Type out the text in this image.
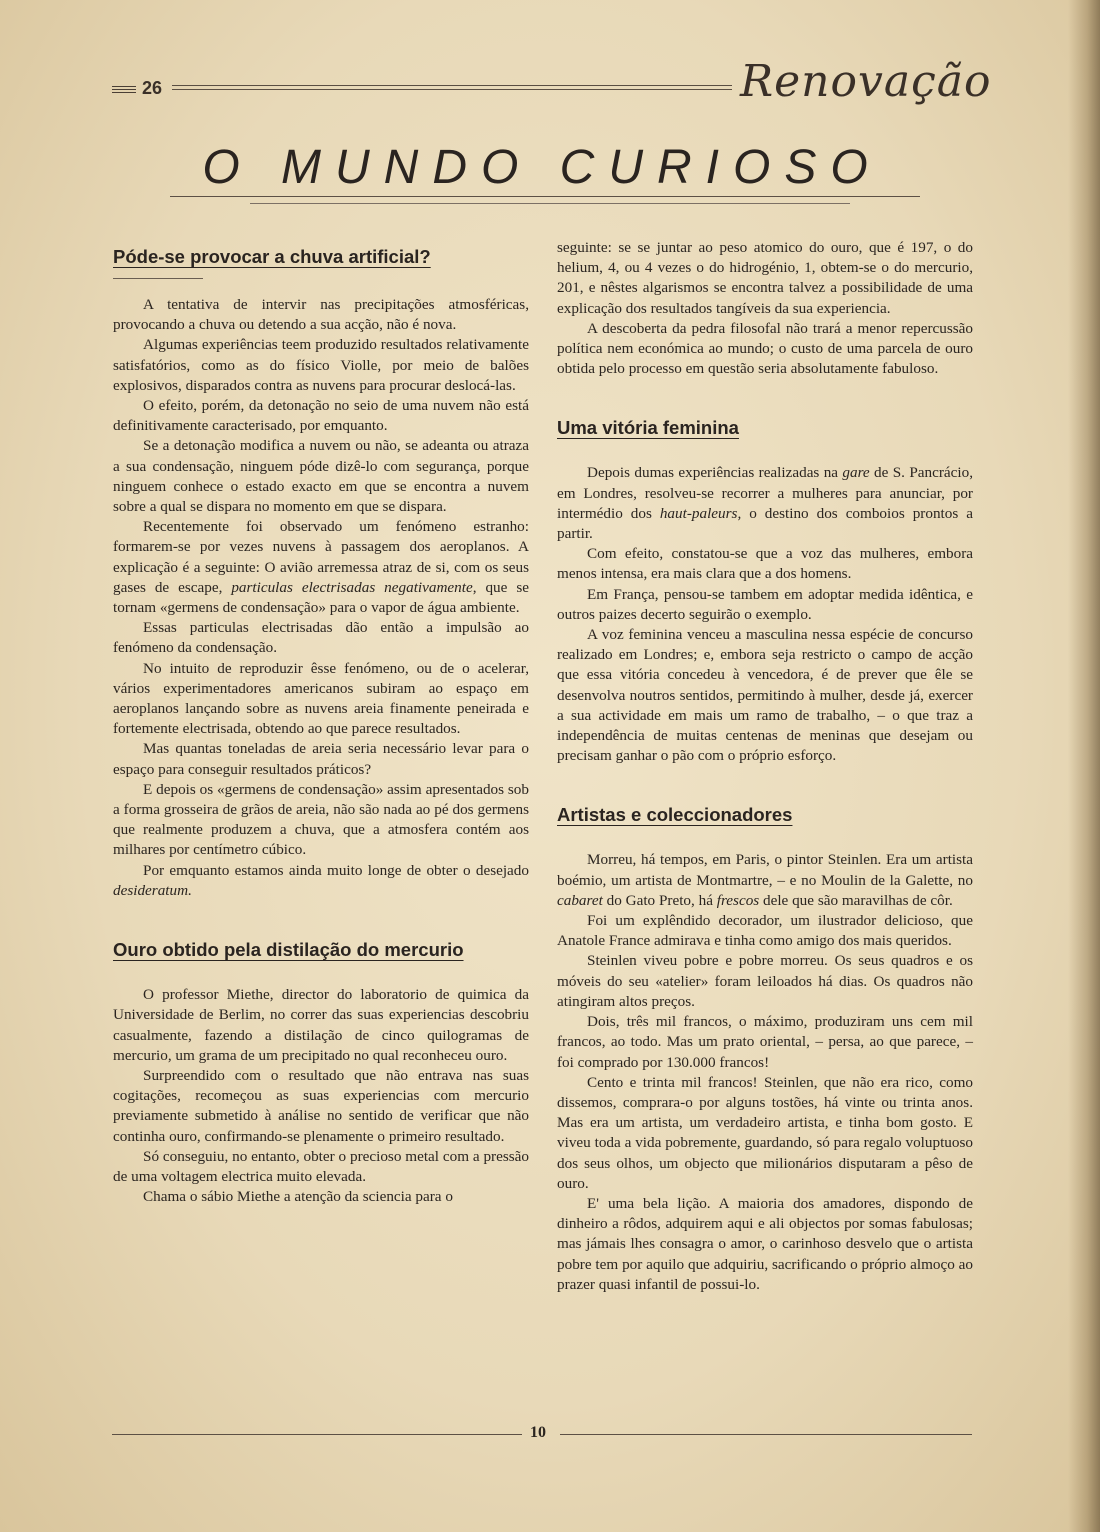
26	Renovação
O MUNDO CURIOSO
Póde-se provocar a chuva artificial?

A tentativa de intervir nas precipitações atmosféricas, provocando a chuva ou detendo a sua acção, não é nova.

Algumas experiências teem produzido resultados relativamente satisfatórios, como as do físico Violle, por meio de balões explosivos, disparados contra as nuvens para procurar deslocá-las.

O efeito, porém, da detonação no seio de uma nuvem não está definitivamente caracterisado, por emquanto.

Se a detonação modifica a nuvem ou não, se adeanta ou atraza a sua condensação, ninguem póde dizê-lo com segurança, porque ninguem conhece o estado exacto em que se encontra a nuvem sobre a qual se dispara no momento em que se dispara.

Recentemente foi observado um fenómeno estranho: formarem-se por vezes nuvens à passagem dos aeroplanos. A explicação é a seguinte: O avião arremessa atraz de si, com os seus gases de escape, particulas electrisadas negativamente, que se tornam «germens de condensação» para o vapor de água ambiente.

Essas particulas electrisadas dão então a impulsão ao fenómeno da condensação.

No intuito de reproduzir êsse fenómeno, ou de o acelerar, vários experimentadores americanos subiram ao espaço em aeroplanos lançando sobre as nuvens areia finamente peneirada e fortemente electrisada, obtendo ao que parece resultados.

Mas quantas toneladas de areia seria necessário levar para o espaço para conseguir resultados práticos?

E depois os «germens de condensação» assim apresentados sob a forma grosseira de grãos de areia, não são nada ao pé dos germens que realmente produzem a chuva, que a atmosfera contém aos milhares por centímetro cúbico.

Por emquanto estamos ainda muito longe de obter o desejado desideratum.

Ouro obtido pela distilação do mercurio

O professor Miethe, director do laboratorio de quimica da Universidade de Berlim, no correr das suas experiencias descobriu casualmente, fazendo a distilação de cinco quilogramas de mercurio, um grama de um precipitado no qual reconheceu ouro.

Surpreendido com o resultado que não entrava nas suas cogitações, recomeçou as suas experiencias com mercurio previamente submetido à análise no sentido de verificar que não continha ouro, confirmando-se plenamente o primeiro resultado.

Só conseguiu, no entanto, obter o precioso metal com a pressão de uma voltagem electrica muito elevada.

Chama o sábio Miethe a atenção da sciencia para o

seguinte: se se juntar ao peso atomico do ouro, que é 197, o do helium, 4, ou 4 vezes o do hidrogénio, 1, obtem-se o do mercurio, 201, e nêstes algarismos se encontra talvez a possibilidade de uma explicação dos resultados tangíveis da sua experiencia.

A descoberta da pedra filosofal não trará a menor repercussão política nem económica ao mundo; o custo de uma parcela de ouro obtida pelo processo em questão seria absolutamente fabuloso.

Uma vitória feminina

Depois dumas experiências realizadas na gare de S. Pancrácio, em Londres, resolveu-se recorrer a mulheres para anunciar, por intermédio dos haut-paleurs, o destino dos comboios prontos a partir.

Com efeito, constatou-se que a voz das mulheres, embora menos intensa, era mais clara que a dos homens.

Em França, pensou-se tambem em adoptar medida idêntica, e outros paizes decerto seguirão o exemplo.

A voz feminina venceu a masculina nessa espécie de concurso realizado em Londres; e, embora seja restricto o campo de acção que essa vitória concedeu à vencedora, é de prever que êle se desenvolva noutros sentidos, permitindo à mulher, desde já, exercer a sua actividade em mais um ramo de trabalho, – o que traz a independência de muitas centenas de meninas que desejam ou precisam ganhar o pão com o próprio esforço.

Artistas e coleccionadores

Morreu, há tempos, em Paris, o pintor Steinlen. Era um artista boémio, um artista de Montmartre, – e no Moulin de la Galette, no cabaret do Gato Preto, há frescos dele que são maravilhas de côr.

Foi um explêndido decorador, um ilustrador delicioso, que Anatole France admirava e tinha como amigo dos mais queridos.

Steinlen viveu pobre e pobre morreu. Os seus quadros e os móveis do seu «atelier» foram leiloados há dias. Os quadros não atingiram altos preços.

Dois, três mil francos, o máximo, produziram uns cem mil francos, ao todo. Mas um prato oriental, – persa, ao que parece, – foi comprado por 130.000 francos!

Cento e trinta mil francos! Steinlen, que não era rico, como dissemos, comprara-o por alguns tostões, há vinte ou trinta anos. Mas era um artista, um verdadeiro artista, e tinha bom gosto. E viveu toda a vida pobremente, guardando, só para regalo voluptuoso dos seus olhos, um objecto que milionários disputaram a pêso de ouro.

E' uma bela lição. A maioria dos amadores, dispondo de dinheiro a rôdos, adquirem aqui e ali objectos por somas fabulosas; mas jámais lhes consagra o amor, o carinhoso desvelo que o artista pobre tem por aquilo que adquiriu, sacrificando o próprio almoço ao prazer quasi infantil de possui-lo.

10
